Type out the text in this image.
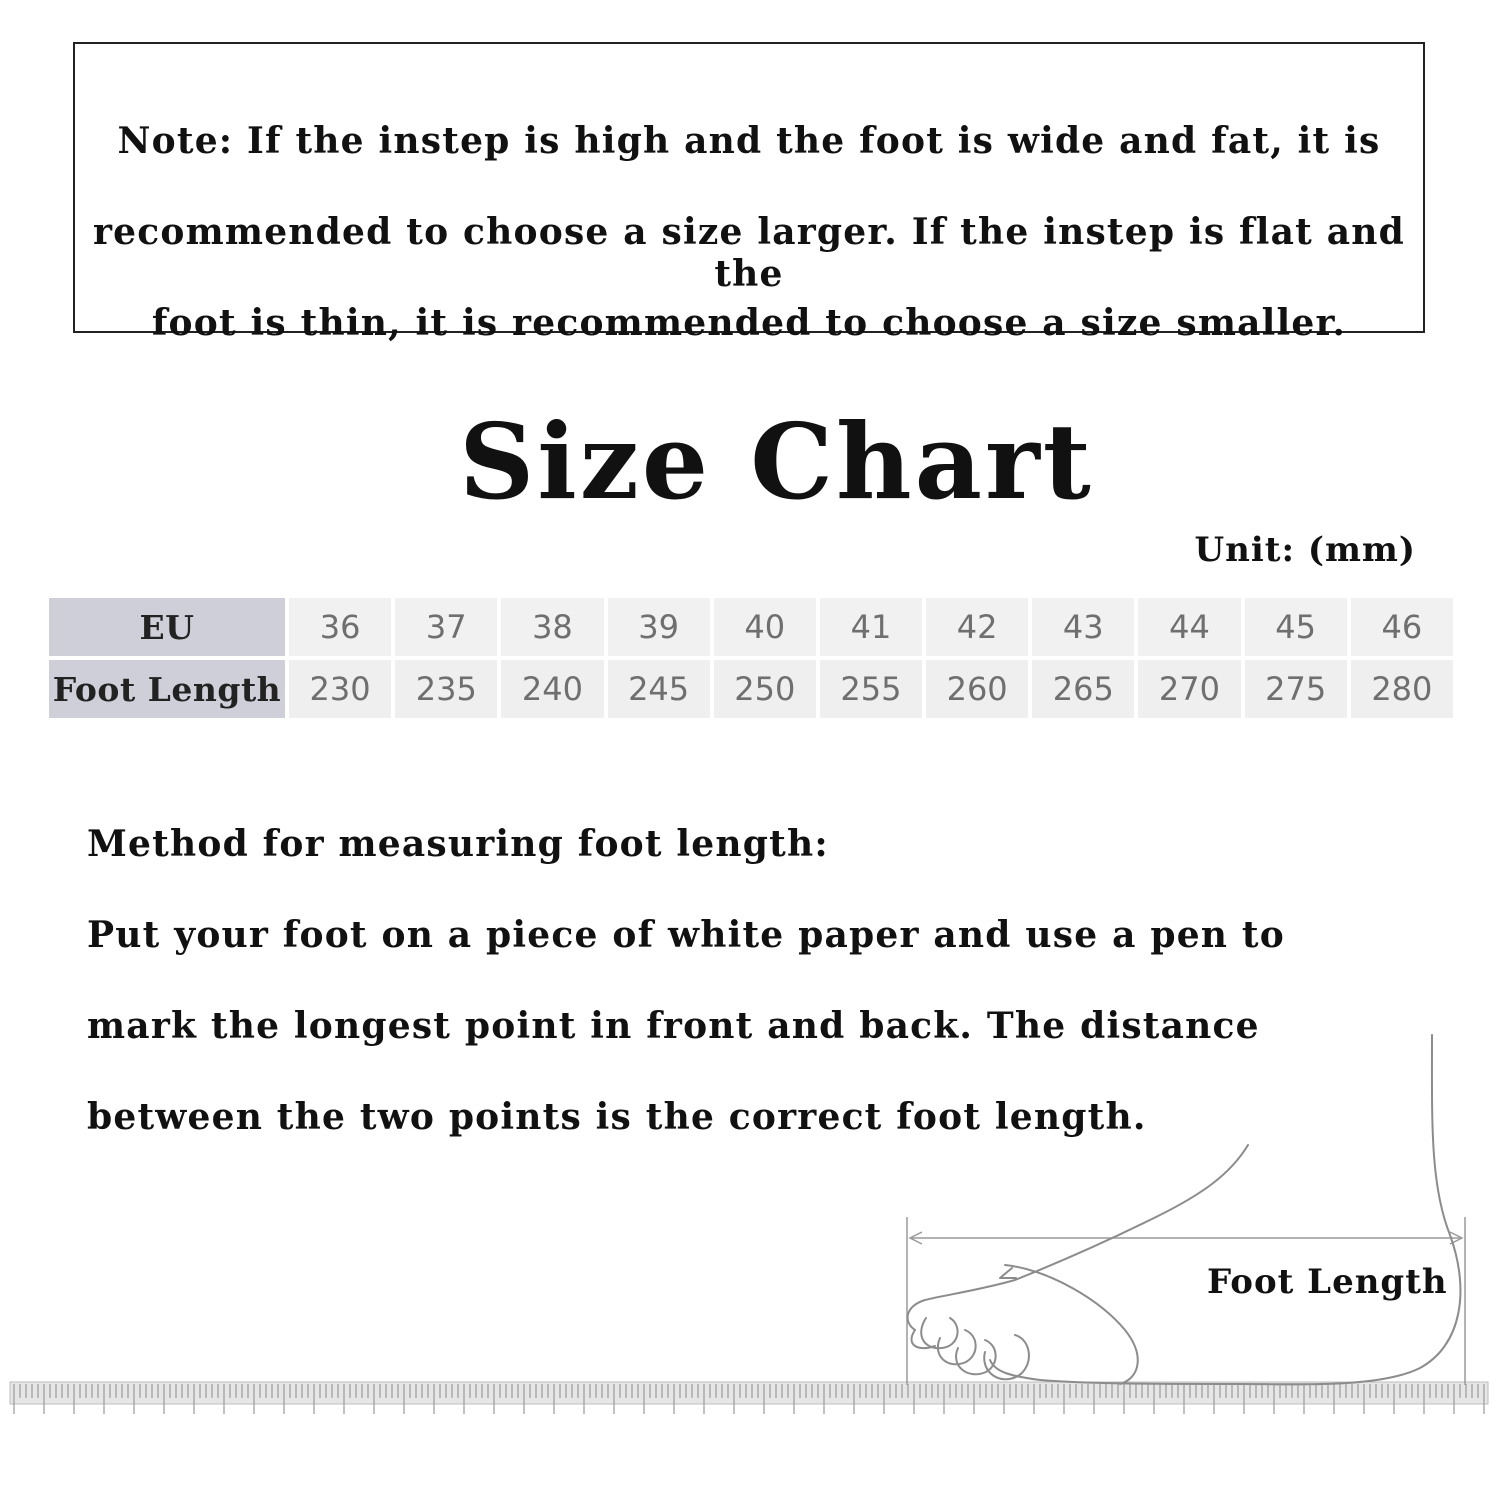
Note: If the instep is high and the foot is wide and fat, it is
recommended to choose a size larger. If the instep is flat and the
foot is thin, it is recommended to choose a size smaller.
Size Chart
Unit: (mm)
EU	36	37	38	39	40	41	42	43	44	45	46
Foot Length	230	235	240	245	250	255	260	265	270	275	280
Method for measuring foot length:
Put your foot on a piece of white paper and use a pen to
mark the longest point in front and back. The distance
between the two points is the correct foot length.
Foot Length
